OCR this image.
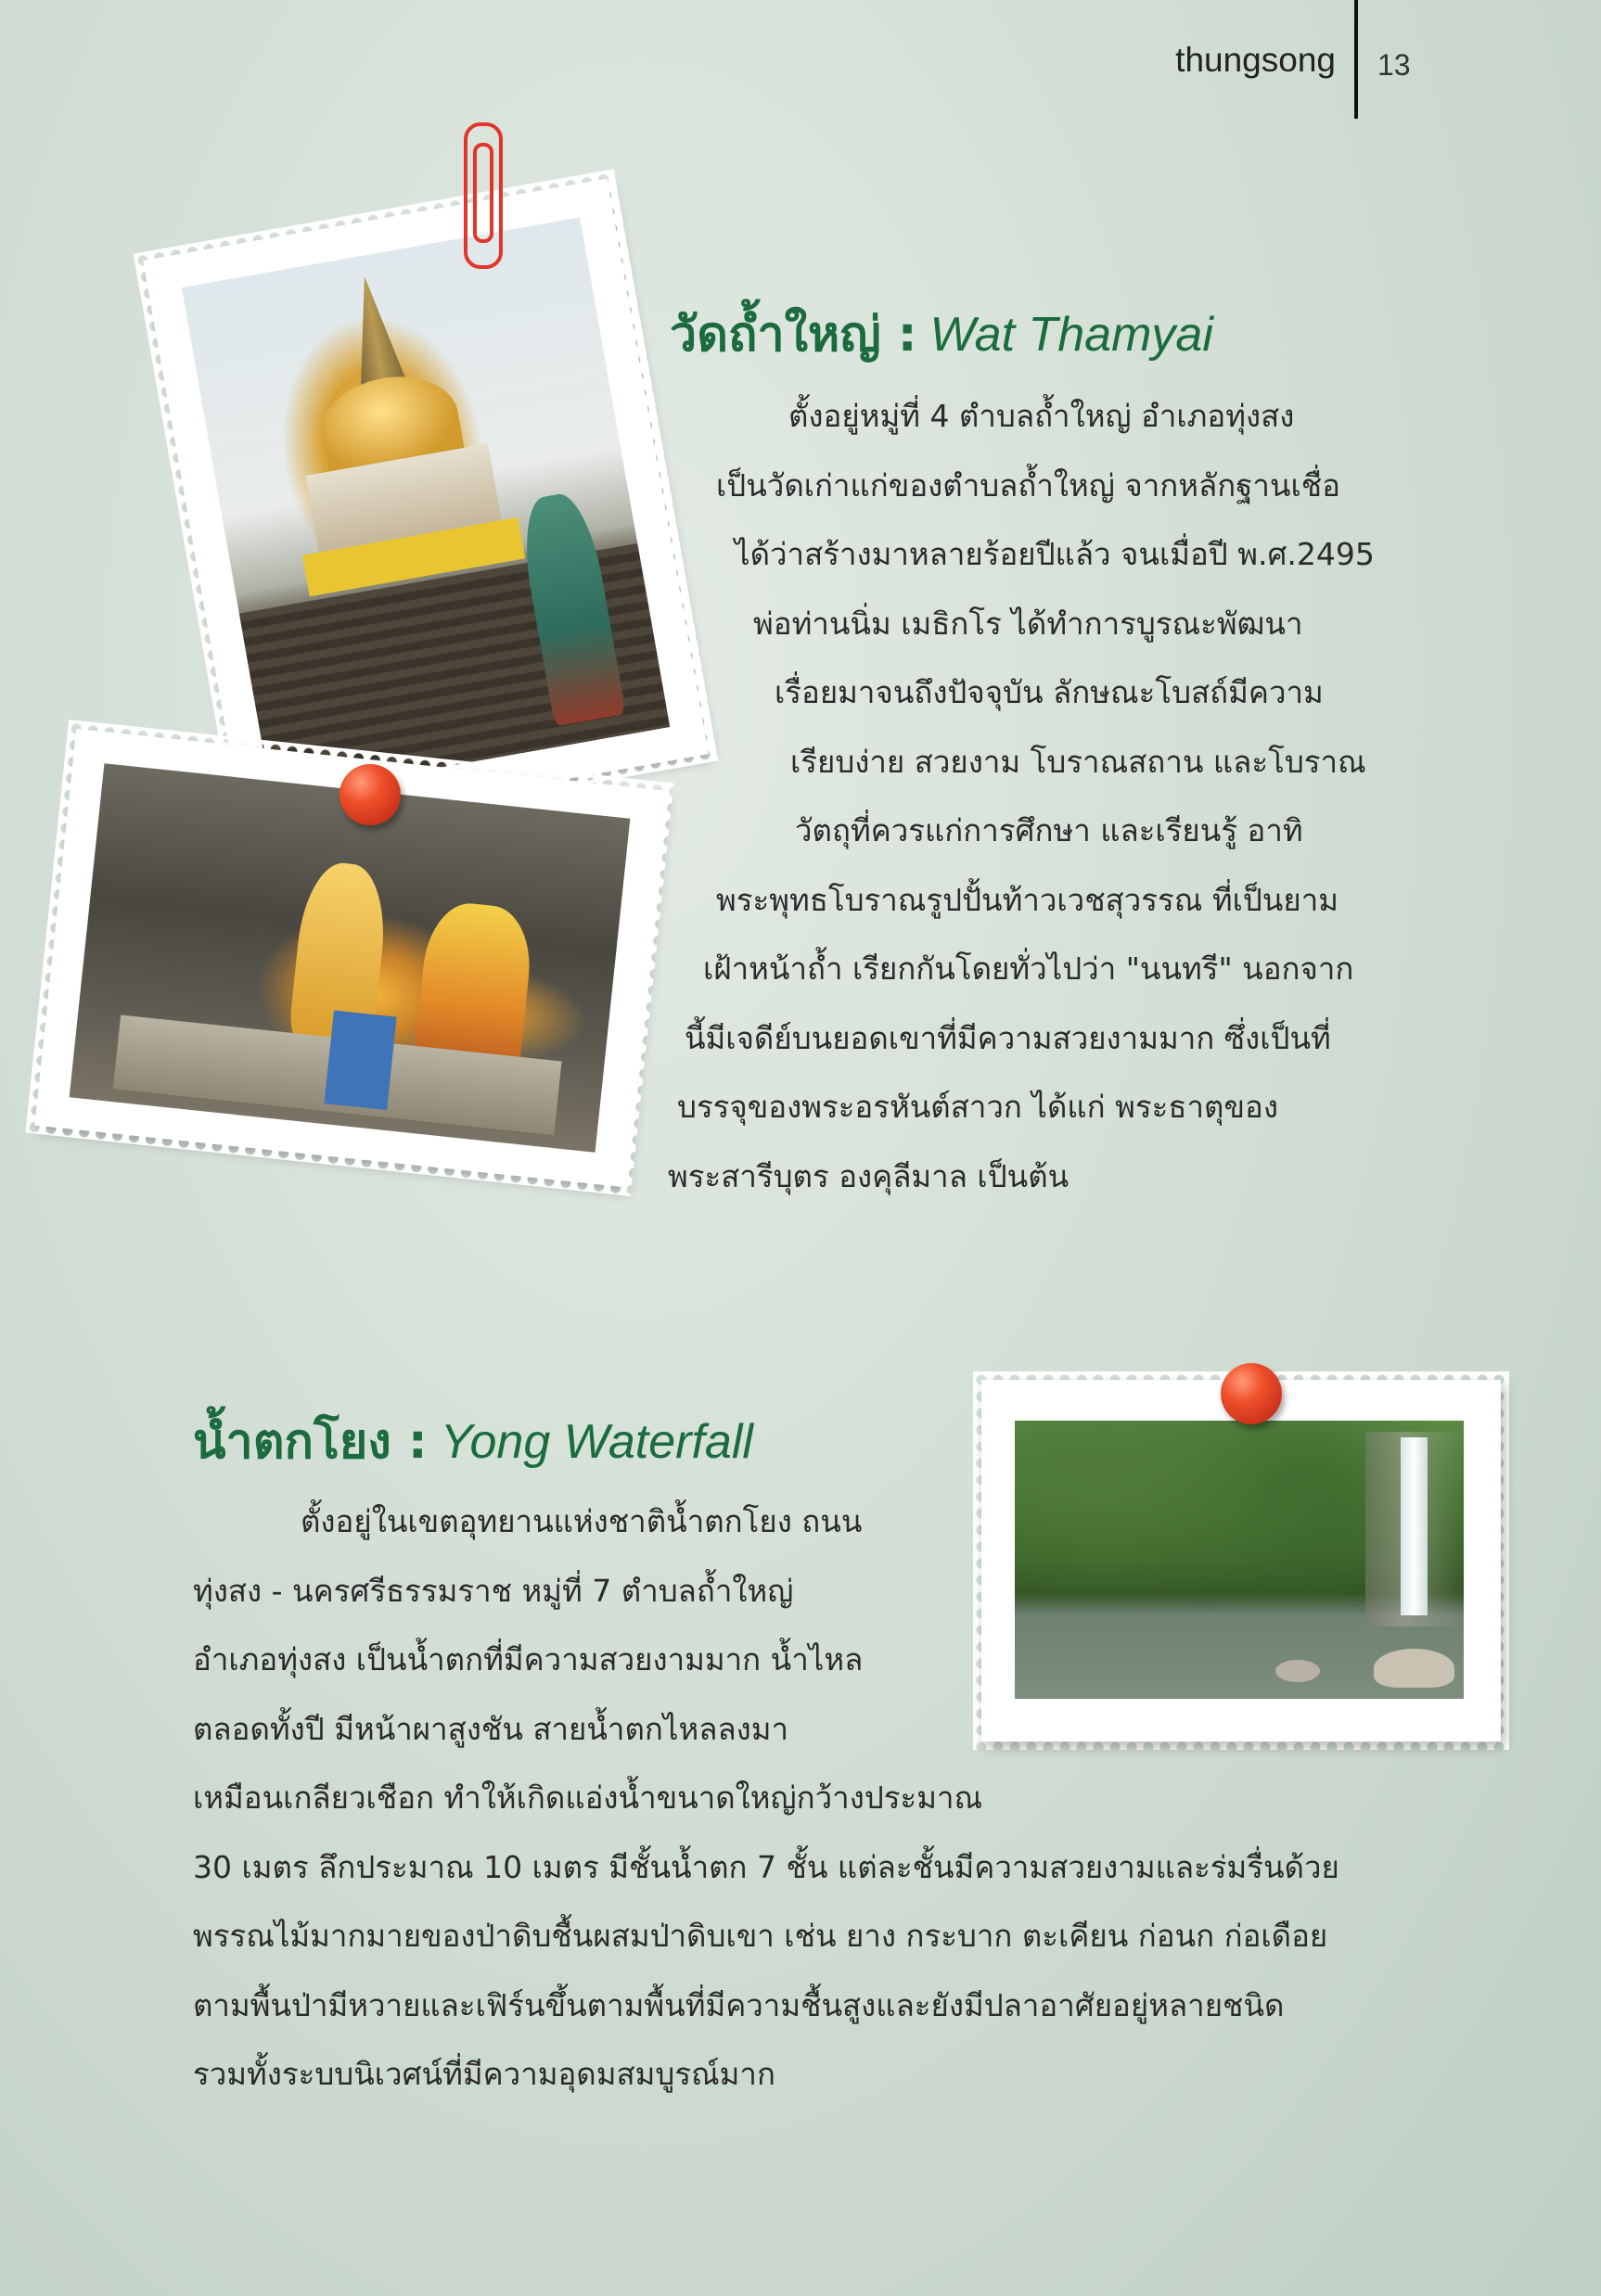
thungsong 13
วัดถ้ำใหญ่ : Wat Thamyai
ตั้งอยู่หมู่ที่ 4 ตำบลถ้ำใหญ่ อำเภอทุ่งสง
เป็นวัดเก่าแก่ของตำบลถ้ำใหญ่ จากหลักฐานเชื่อ
ได้ว่าสร้างมาหลายร้อยปีแล้ว จนเมื่อปี พ.ศ.2495
พ่อท่านนิ่ม เมธิกโร ได้ทำการบูรณะพัฒนา
เรื่อยมาจนถึงปัจจุบัน ลักษณะโบสถ์มีความ
เรียบง่าย สวยงาม โบราณสถาน และโบราณ
วัตถุที่ควรแก่การศึกษา และเรียนรู้ อาทิ
พระพุทธโบราณรูปปั้นท้าวเวชสุวรรณ ที่เป็นยาม
เฝ้าหน้าถ้ำ เรียกกันโดยทั่วไปว่า "นนทรี" นอกจาก
นี้มีเจดีย์บนยอดเขาที่มีความสวยงามมาก ซึ่งเป็นที่
บรรจุของพระอรหันต์สาวก ได้แก่ พระธาตุของ
พระสารีบุตร องคุลีมาล เป็นต้น
น้ำตกโยง : Yong Waterfall
ตั้งอยู่ในเขตอุทยานแห่งชาติน้ำตกโยง ถนน
ทุ่งสง - นครศรีธรรมราช หมู่ที่ 7 ตำบลถ้ำใหญ่
อำเภอทุ่งสง เป็นน้ำตกที่มีความสวยงามมาก น้ำไหล
ตลอดทั้งปี มีหน้าผาสูงชัน สายน้ำตกไหลลงมา
เหมือนเกลียวเชือก ทำให้เกิดแอ่งน้ำขนาดใหญ่กว้างประมาณ
30 เมตร ลึกประมาณ 10 เมตร มีชั้นน้ำตก 7 ชั้น แต่ละชั้นมีความสวยงามและร่มรื่นด้วย
พรรณไม้มากมายของป่าดิบชื้นผสมป่าดิบเขา เช่น ยาง กระบาก ตะเคียน ก่อนก ก่อเดือย
ตามพื้นป่ามีหวายและเฟิร์นขึ้นตามพื้นที่มีความชื้นสูงและยังมีปลาอาศัยอยู่หลายชนิด
รวมทั้งระบบนิเวศน์ที่มีความอุดมสมบูรณ์มาก
